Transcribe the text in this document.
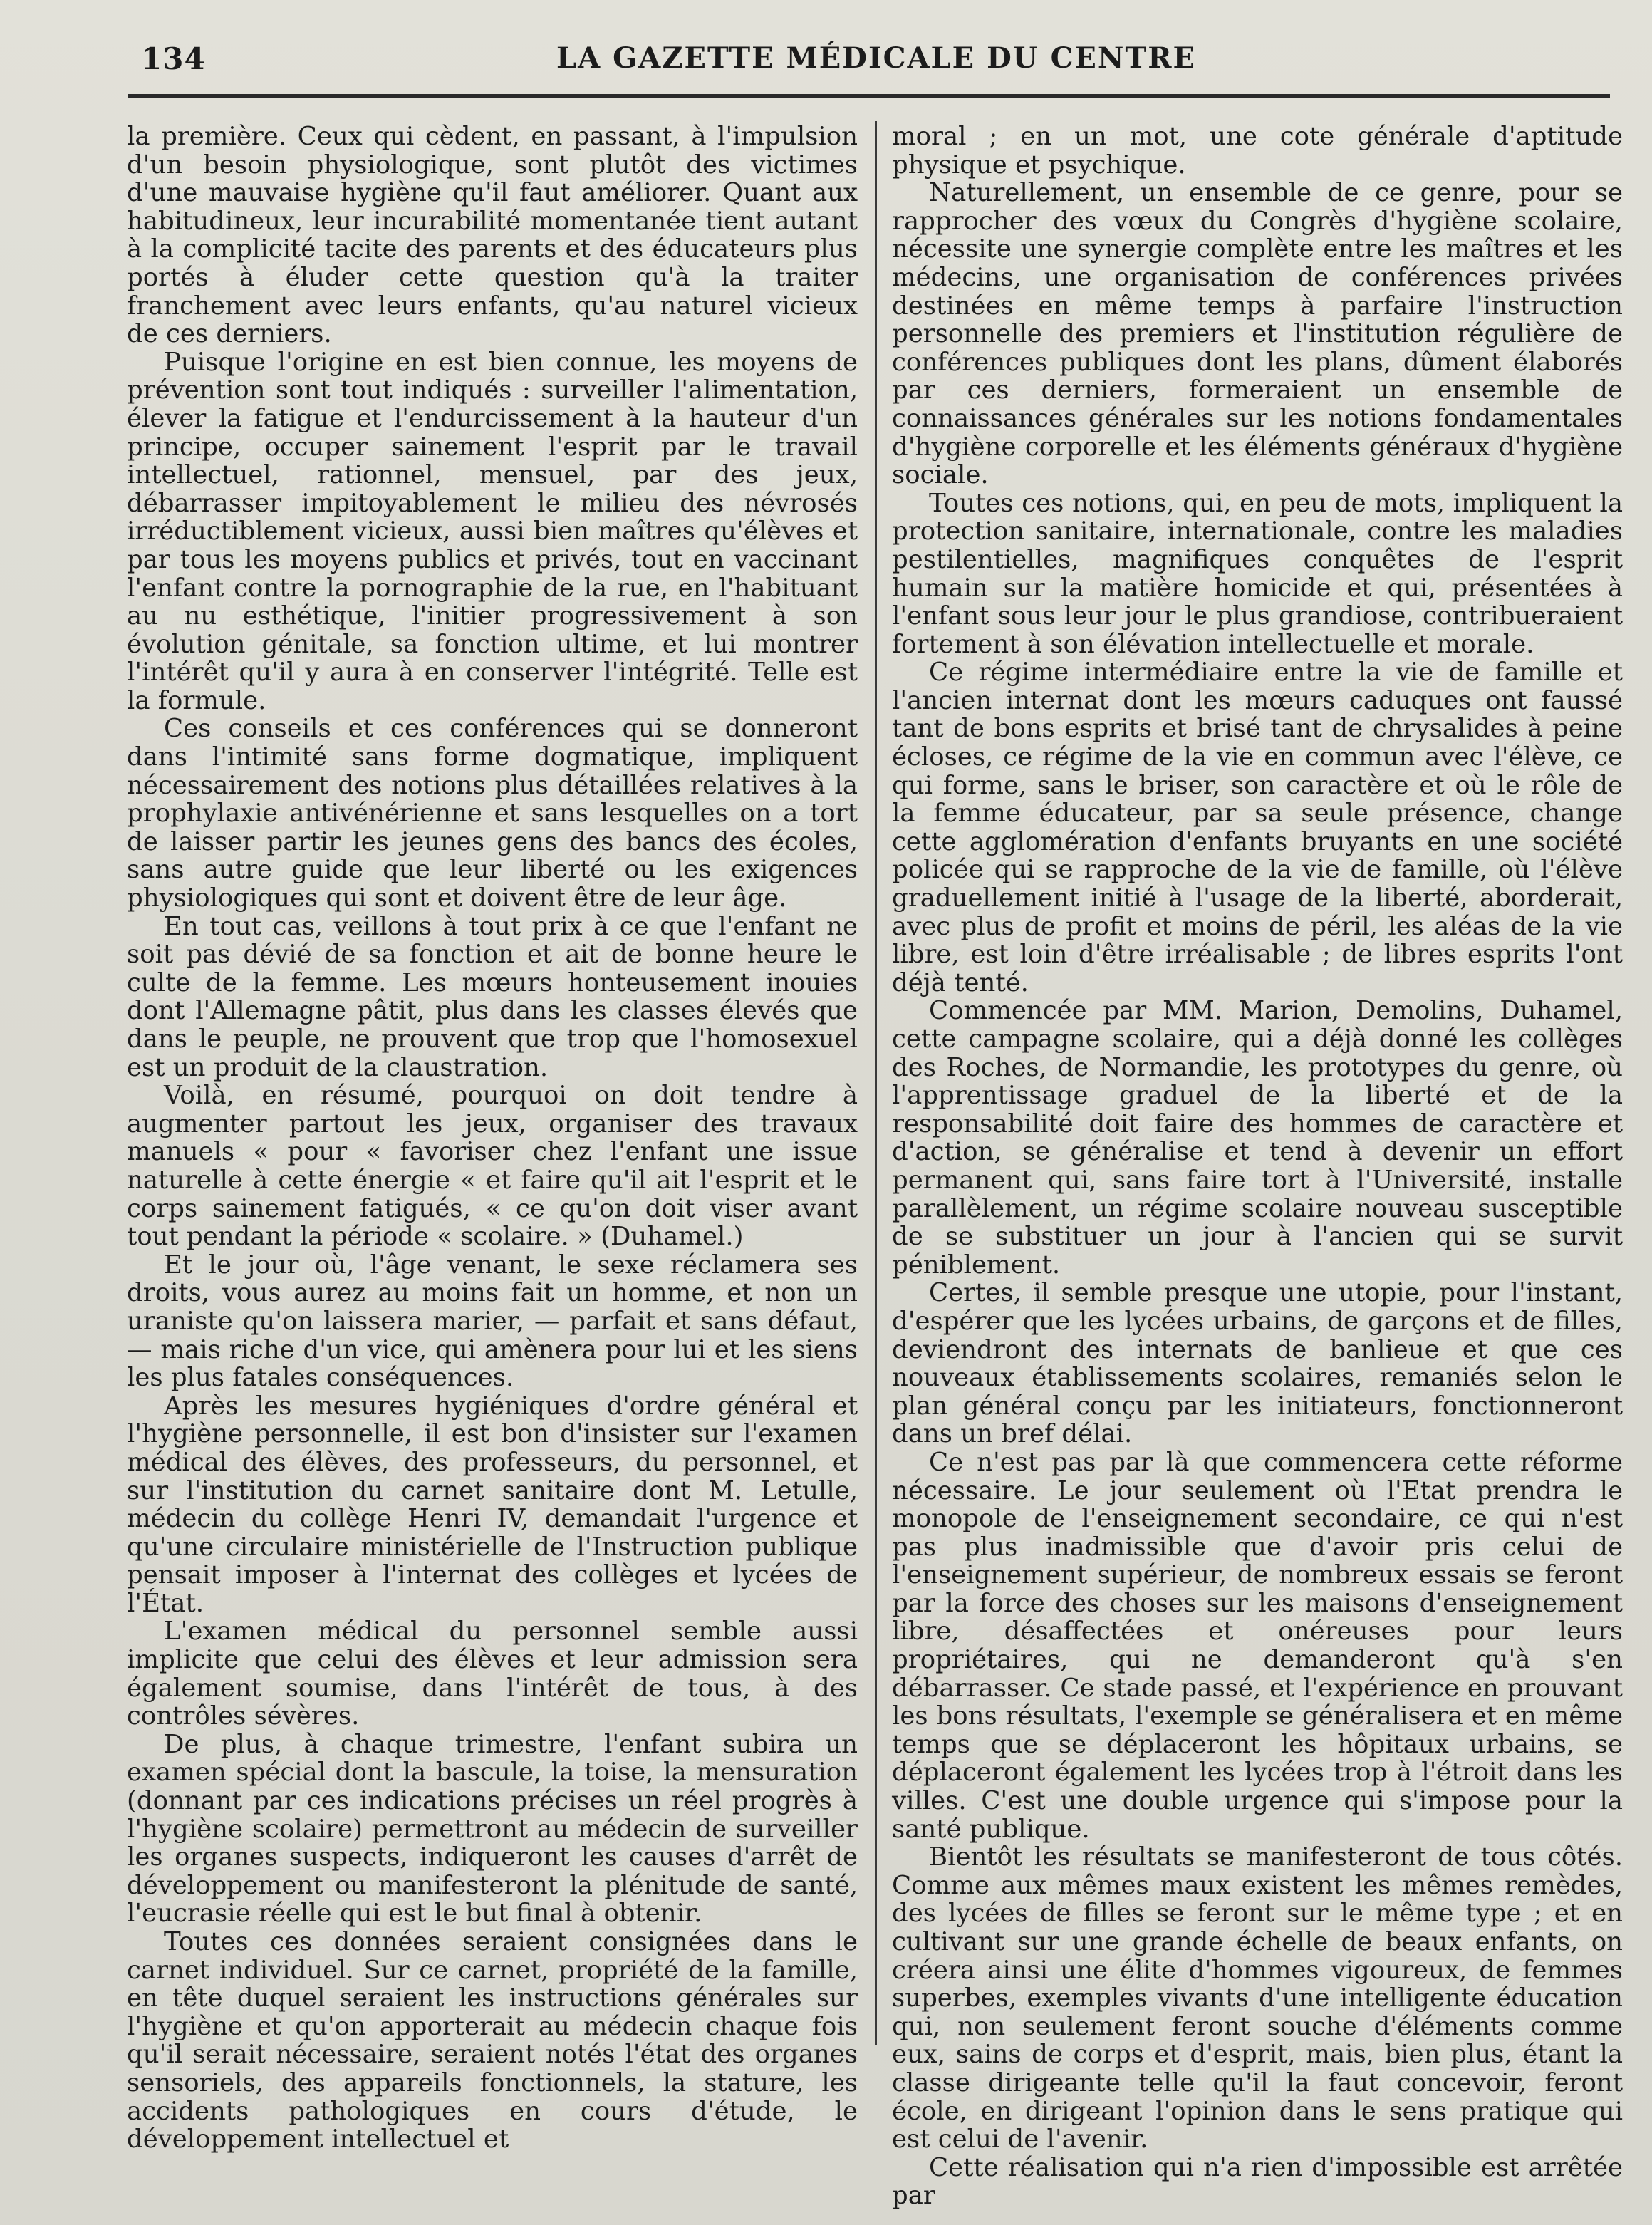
134	LA GAZETTE MÉDICALE DU CENTRE

la première. Ceux qui cèdent, en passant, à l'impulsion d'un besoin physiologique, sont plutôt des victimes d'une mauvaise hygiène qu'il faut améliorer. Quant aux habitudineux, leur incurabilité momentanée tient autant à la complicité tacite des parents et des éducateurs plus portés à éluder cette question qu'à la traiter franchement avec leurs enfants, qu'au naturel vicieux de ces derniers.

Puisque l'origine en est bien connue, les moyens de prévention sont tout indiqués : surveiller l'alimentation, élever la fatigue et l'endurcissement à la hauteur d'un principe, occuper sainement l'esprit par le travail intellectuel, rationnel, mensuel, par des jeux, débarrasser impitoyablement le milieu des névrosés irréductiblement vicieux, aussi bien maîtres qu'élèves et par tous les moyens publics et privés, tout en vaccinant l'enfant contre la pornographie de la rue, en l'habituant au nu esthétique, l'initier progressivement à son évolution génitale, sa fonction ultime, et lui montrer l'intérêt qu'il y aura à en conserver l'intégrité. Telle est la formule.

Ces conseils et ces conférences qui se donneront dans l'intimité sans forme dogmatique, impliquent nécessairement des notions plus détaillées relatives à la prophylaxie antivénérienne et sans lesquelles on a tort de laisser partir les jeunes gens des bancs des écoles, sans autre guide que leur liberté ou les exigences physiologiques qui sont et doivent être de leur âge.

En tout cas, veillons à tout prix à ce que l'enfant ne soit pas dévié de sa fonction et ait de bonne heure le culte de la femme. Les mœurs honteusement inouies dont l'Allemagne pâtit, plus dans les classes élevés que dans le peuple, ne prouvent que trop que l'homosexuel est un produit de la claustration.

Voilà, en résumé, pourquoi on doit tendre à augmenter partout les jeux, organiser des travaux manuels « pour « favoriser chez l'enfant une issue naturelle à cette énergie « et faire qu'il ait l'esprit et le corps sainement fatigués, « ce qu'on doit viser avant tout pendant la période « scolaire. » (Duhamel.)

Et le jour où, l'âge venant, le sexe réclamera ses droits, vous aurez au moins fait un homme, et non un uraniste qu'on laissera marier, — parfait et sans défaut, — mais riche d'un vice, qui amènera pour lui et les siens les plus fatales conséquences.

Après les mesures hygiéniques d'ordre général et l'hygiène personnelle, il est bon d'insister sur l'examen médical des élèves, des professeurs, du personnel, et sur l'institution du carnet sanitaire dont M. Letulle, médecin du collège Henri IV, demandait l'urgence et qu'une circulaire ministérielle de l'Instruction publique pensait imposer à l'internat des collèges et lycées de l'État.

L'examen médical du personnel semble aussi implicite que celui des élèves et leur admission sera également soumise, dans l'intérêt de tous, à des contrôles sévères.

De plus, à chaque trimestre, l'enfant subira un examen spécial dont la bascule, la toise, la mensuration (donnant par ces indications précises un réel progrès à l'hygiène scolaire) permettront au médecin de surveiller les organes suspects, indiqueront les causes d'arrêt de développement ou manifesteront la plénitude de santé, l'eucrasie réelle qui est le but final à obtenir.

Toutes ces données seraient consignées dans le carnet individuel. Sur ce carnet, propriété de la famille, en tête duquel seraient les instructions générales sur l'hygiène et qu'on apporterait au médecin chaque fois qu'il serait nécessaire, seraient notés l'état des organes sensoriels, des appareils fonctionnels, la stature, les accidents pathologiques en cours d'étude, le développement intellectuel et

moral ; en un mot, une cote générale d'aptitude physique et psychique.

Naturellement, un ensemble de ce genre, pour se rapprocher des vœux du Congrès d'hygiène scolaire, nécessite une synergie complète entre les maîtres et les médecins, une organisation de conférences privées destinées en même temps à parfaire l'instruction personnelle des premiers et l'institution régulière de conférences publiques dont les plans, dûment élaborés par ces derniers, formeraient un ensemble de connaissances générales sur les notions fondamentales d'hygiène corporelle et les éléments généraux d'hygiène sociale.

Toutes ces notions, qui, en peu de mots, impliquent la protection sanitaire, internationale, contre les maladies pestilentielles, magnifiques conquêtes de l'esprit humain sur la matière homicide et qui, présentées à l'enfant sous leur jour le plus grandiose, contribueraient fortement à son élévation intellectuelle et morale.

Ce régime intermédiaire entre la vie de famille et l'ancien internat dont les mœurs caduques ont faussé tant de bons esprits et brisé tant de chrysalides à peine écloses, ce régime de la vie en commun avec l'élève, ce qui forme, sans le briser, son caractère et où le rôle de la femme éducateur, par sa seule présence, change cette agglomération d'enfants bruyants en une société policée qui se rapproche de la vie de famille, où l'élève graduellement initié à l'usage de la liberté, aborderait, avec plus de profit et moins de péril, les aléas de la vie libre, est loin d'être irréalisable ; de libres esprits l'ont déjà tenté.

Commencée par MM. Marion, Demolins, Duhamel, cette campagne scolaire, qui a déjà donné les collèges des Roches, de Normandie, les prototypes du genre, où l'apprentissage graduel de la liberté et de la responsabilité doit faire des hommes de caractère et d'action, se généralise et tend à devenir un effort permanent qui, sans faire tort à l'Université, installe parallèlement, un régime scolaire nouveau susceptible de se substituer un jour à l'ancien qui se survit péniblement.

Certes, il semble presque une utopie, pour l'instant, d'espérer que les lycées urbains, de garçons et de filles, deviendront des internats de banlieue et que ces nouveaux établissements scolaires, remaniés selon le plan général conçu par les initiateurs, fonctionneront dans un bref délai.

Ce n'est pas par là que commencera cette réforme nécessaire. Le jour seulement où l'Etat prendra le monopole de l'enseignement secondaire, ce qui n'est pas plus inadmissible que d'avoir pris celui de l'enseignement supérieur, de nombreux essais se feront par la force des choses sur les maisons d'enseignement libre, désaffectées et onéreuses pour leurs propriétaires, qui ne demanderont qu'à s'en débarrasser. Ce stade passé, et l'expérience en prouvant les bons résultats, l'exemple se généralisera et en même temps que se déplaceront les hôpitaux urbains, se déplaceront également les lycées trop à l'étroit dans les villes. C'est une double urgence qui s'impose pour la santé publique.

Bientôt les résultats se manifesteront de tous côtés. Comme aux mêmes maux existent les mêmes remèdes, des lycées de filles se feront sur le même type ; et en cultivant sur une grande échelle de beaux enfants, on créera ainsi une élite d'hommes vigoureux, de femmes superbes, exemples vivants d'une intelligente éducation qui, non seulement feront souche d'éléments comme eux, sains de corps et d'esprit, mais, bien plus, étant la classe dirigeante telle qu'il la faut concevoir, feront école, en dirigeant l'opinion dans le sens pratique qui est celui de l'avenir.

Cette réalisation qui n'a rien d'impossible est arrêtée par
